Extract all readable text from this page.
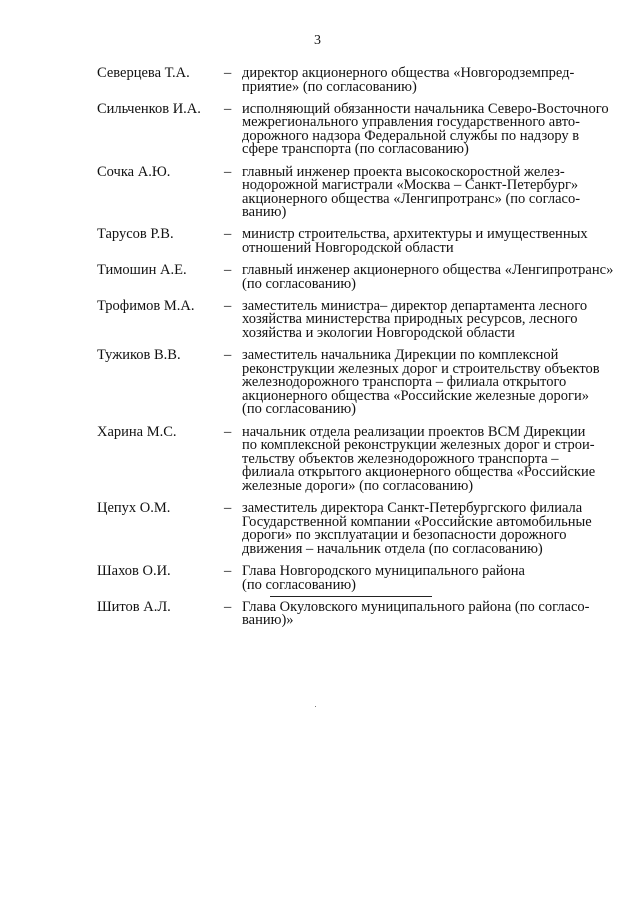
3
Северцева Т.А.	– директор акционерного общества «Новгородземпред-
приятие» (по согласованию)
Сильченков И.А.	– исполняющий обязанности начальника Северо-Восточного
межрегионального управления государственного авто-
дорожного надзора Федеральной службы по надзору в
сфере транспорта (по согласованию)
Сочка А.Ю.	– главный инженер проекта высокоскоростной желез-
нодорожной магистрали «Москва – Санкт-Петербург»
акционерного общества «Ленгипротранс» (по согласо-
ванию)
Тарусов Р.В.	– министр строительства, архитектуры и имущественных
отношений Новгородской области
Тимошин А.Е.	– главный инженер акционерного общества «Ленгипротранс»
(по согласованию)
Трофимов М.А.	– заместитель министра– директор департамента лесного
хозяйства министерства природных ресурсов, лесного
хозяйства и экологии Новгородской области
Тужиков В.В.	– заместитель начальника Дирекции по комплексной
реконструкции железных дорог и строительству объектов
железнодорожного транспорта – филиала открытого
акционерного общества «Российские железные дороги»
(по согласованию)
Харина М.С.	– начальник отдела реализации проектов ВСМ Дирекции
по комплексной реконструкции железных дорог и строи-
тельству объектов железнодорожного транспорта –
филиала открытого акционерного общества «Российские
железные дороги» (по согласованию)
Цепух О.М.	– заместитель директора Санкт-Петербургского филиала
Государственной компании «Российские автомобильные
дороги» по эксплуатации и безопасности дорожного
движения – начальник отдела (по согласованию)
Шахов О.И.	– Глава Новгородского муниципального района
(по согласованию)
Шитов А.Л.	– Глава Окуловского муниципального района (по согласо-
ванию)»
